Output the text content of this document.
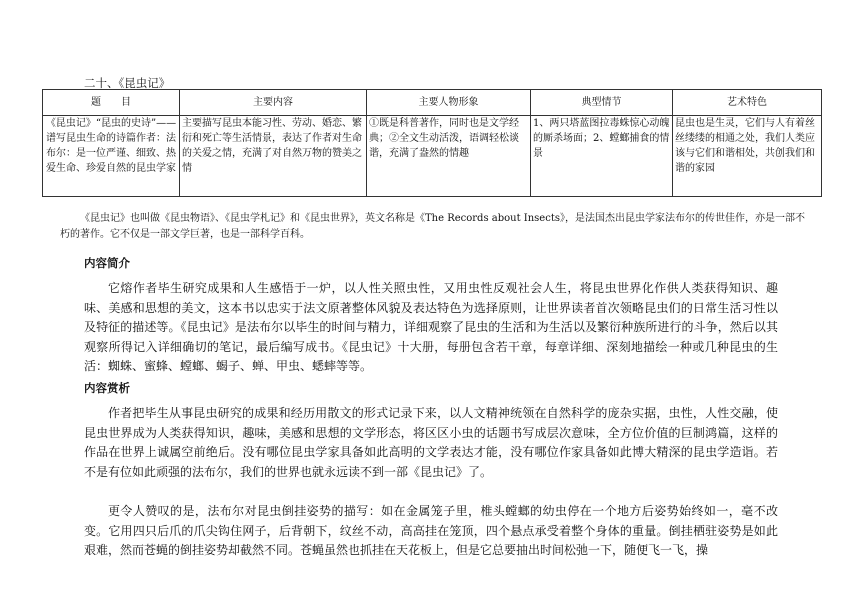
二十、《昆虫记》
题　　目	主要内容	主要人物形象	典型情节	艺术特色
《昆虫记》“昆虫的史诗”——谱写昆虫生命的诗篇作者：法布尔：是一位严谨、细致、热爱生命、珍爱自然的昆虫学家	主要描写昆虫本能习性、劳动、婚恋、繁衍和死亡等生活情景，表达了作者对生命的关爱之情，充满了对自然万物的赞美之情	①既是科普著作，同时也是文学经典；②全文生动活泼，语调轻松谈谐，充满了盎然的情趣	1、两只塔蓝图拉毒蛛惊心动魄的厮杀场面；2、螳螂捕食的情景	昆虫也是生灵，它们与人有着丝丝缕缕的相通之处，我们人类应该与它们和谐相处，共创我们和谐的家园
《昆虫记》也叫做《昆虫物语》、《昆虫学札记》和《昆虫世界》，英文名称是《The Records about Insects》，是法国杰出昆虫学家法布尔的传世佳作，亦是一部不朽的著作。它不仅是一部文学巨著，也是一部科学百科。
内容简介
它熔作者毕生研究成果和人生感悟于一炉，以人性关照虫性，又用虫性反观社会人生，将昆虫世界化作供人类获得知识、趣味、美感和思想的美文，这本书以忠实于法文原著整体风貌及表达特色为选择原则，让世界读者首次领略昆虫们的日常生活习性以及特征的描述等。《昆虫记》是法布尔以毕生的时间与精力，详细观察了昆虫的生活和为生活以及繁衍种族所进行的斗争，然后以其观察所得记入详细确切的笔记，最后编写成书。《昆虫记》十大册，每册包含若干章，每章详细、深刻地描绘一种或几种昆虫的生活：蜘蛛、蜜蜂、螳螂、蝎子、蝉、甲虫、蟋蟀等等。
内容赏析
作者把毕生从事昆虫研究的成果和经历用散文的形式记录下来，以人文精神统领在自然科学的庞杂实据，虫性，人性交融，使昆虫世界成为人类获得知识，趣味，美感和思想的文学形态，将区区小虫的话题书写成层次意味，全方位价值的巨制鸿篇，这样的作品在世界上诚属空前绝后。没有哪位昆虫学家具备如此高明的文学表达才能，没有哪位作家具备如此博大精深的昆虫学造诣。若不是有位如此顽强的法布尔，我们的世界也就永远读不到一部《昆虫记》了。
更令人赞叹的是，法布尔对昆虫倒挂姿势的描写：如在金属笼子里，椎头螳螂的幼虫停在一个地方后姿势始终如一，毫不改变。它用四只后爪的爪尖钩住网子，后背朝下，纹丝不动，高高挂在笼顶，四个悬点承受着整个身体的重量。倒挂栖驻姿势是如此艰难，然而苍蝇的倒挂姿势却截然不同。苍蝇虽然也抓挂在天花板上，但是它总要抽出时间松弛一下，随便飞一飞，操
